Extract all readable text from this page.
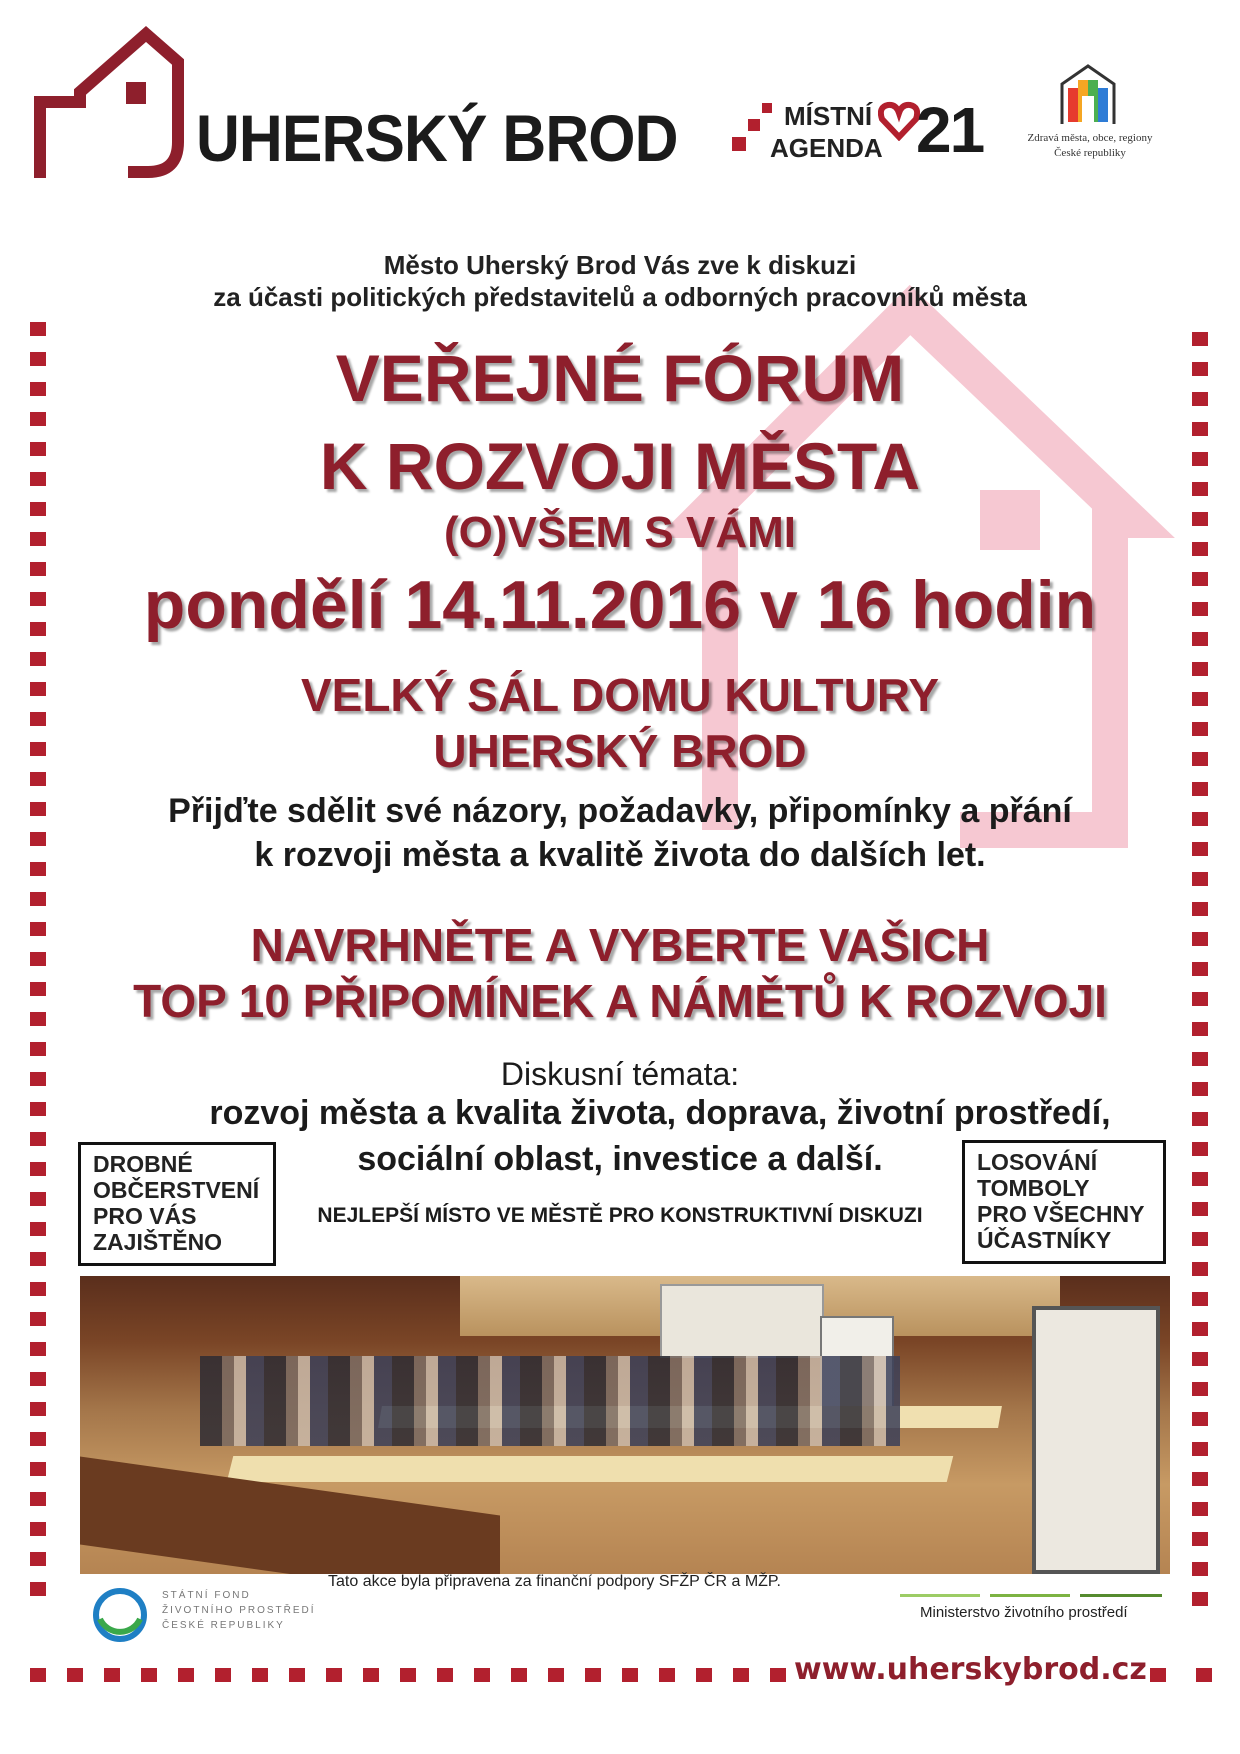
UHERSKÝ BROD	MÍSTNÍ
AGENDA 21	Zdravá města, obce, regiony
České republiky
Město Uherský Brod Vás zve k diskuzi
za účasti politických představitelů a odborných pracovníků města
VEŘEJNÉ FÓRUM
K ROZVOJI MĚSTA
(O)VŠEM S VÁMI
pondělí 14.11.2016 v 16 hodin
VELKÝ SÁL DOMU KULTURY
UHERSKÝ BROD
Přijďte sdělit své názory, požadavky, připomínky a přání
k rozvoji města a kvalitě života do dalších let.
NAVRHNĚTE A VYBERTE VAŠICH
TOP 10 PŘIPOMÍNEK A NÁMĚTŮ K ROZVOJI
Diskusní témata:
rozvoj města a kvalita života, doprava, životní prostředí,
sociální oblast, investice a další.
NEJLEPŠÍ MÍSTO VE MĚSTĚ PRO KONSTRUKTIVNÍ DISKUZI
DROBNÉ
OBČERSTVENÍ
PRO VÁS
ZAJIŠTĚNO
LOSOVÁNÍ
TOMBOLY
PRO VŠECHNY
ÚČASTNÍKY
STÁTNÍ FOND
ŽIVOTNÍHO PROSTŘEDÍ
ČESKÉ REPUBLIKY
Tato akce byla připravena za finanční podpory SFŽP ČR a MŽP.
Ministerstvo životního prostředí
www.uherskybrod.cz
